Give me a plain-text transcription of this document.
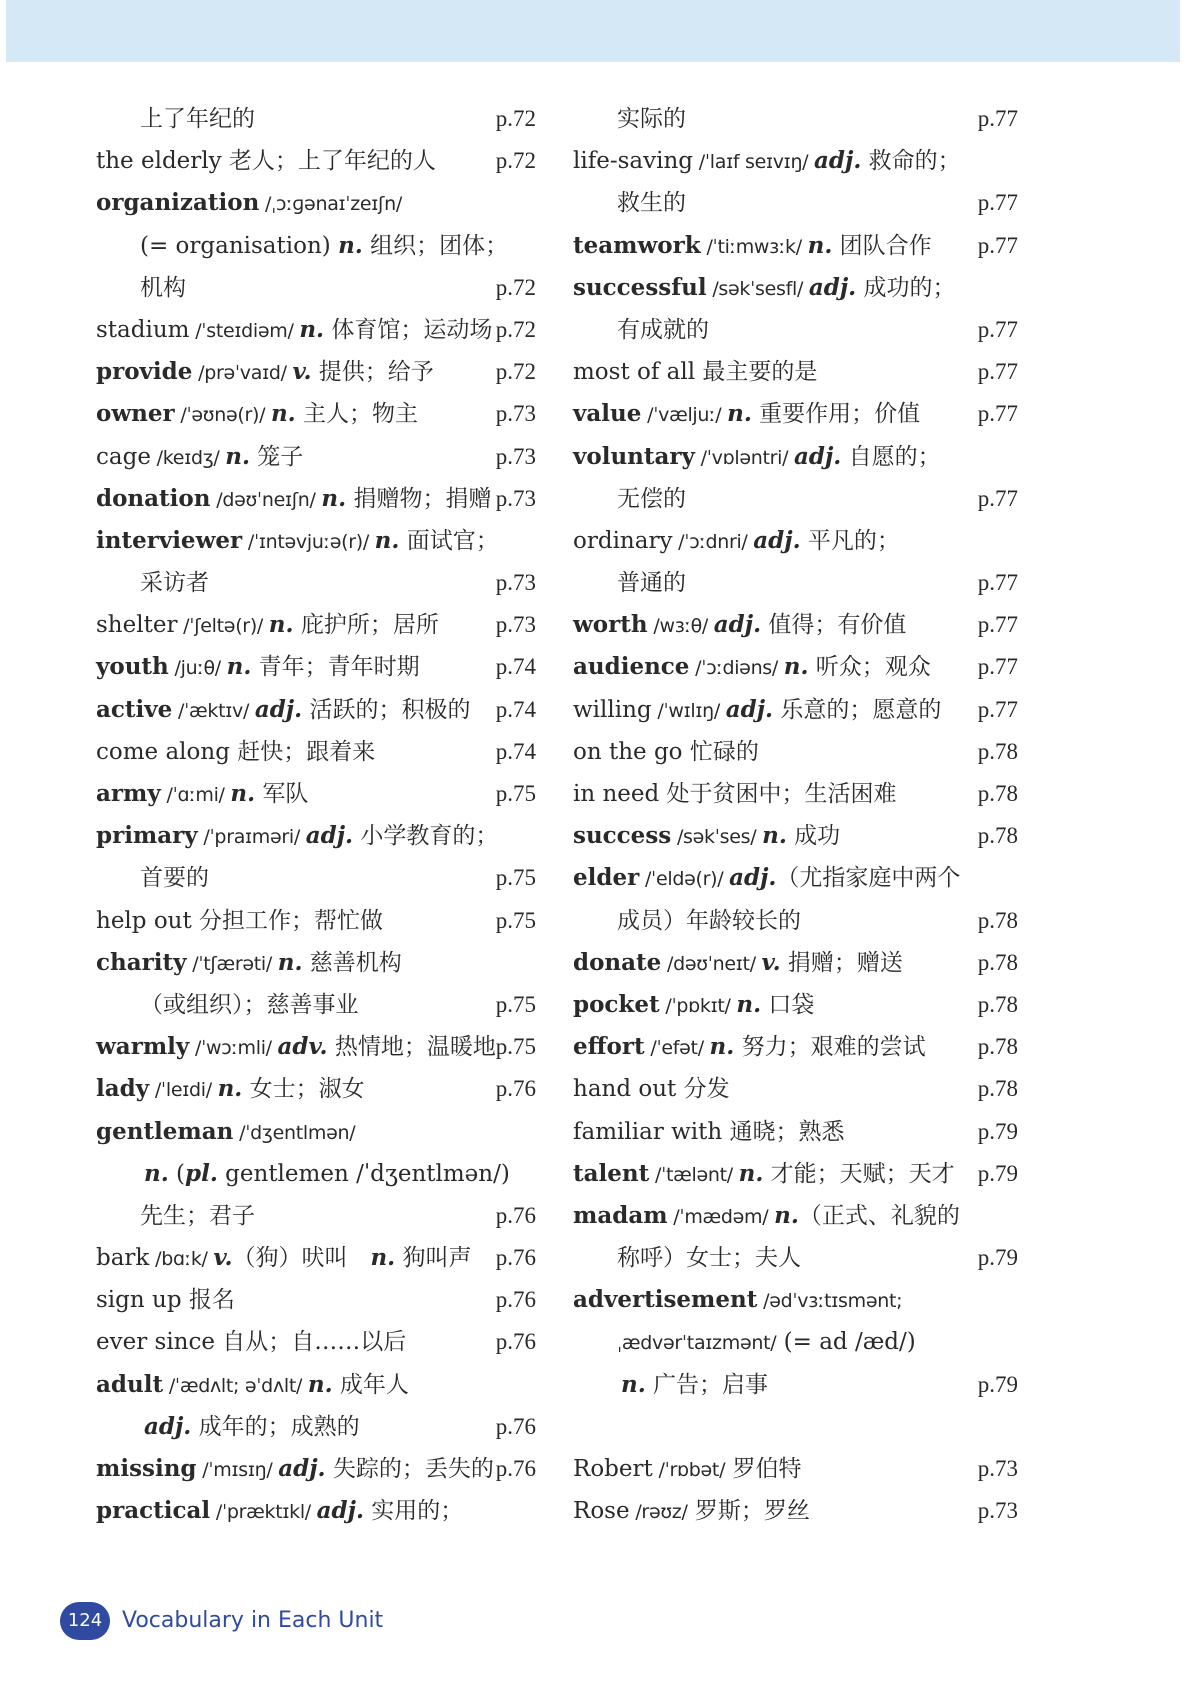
上了年纪的	p.72
the elderly 老人；上了年纪的人	p.72
organization /ˌɔːɡənaɪˈzeɪʃn/
(= organisation) n. 组织；团体；
机构	p.72
stadium /ˈsteɪdiəm/ n. 体育馆；运动场 p.72
provide /prəˈvaɪd/ v. 提供；给予	p.72
owner /ˈəʊnə(r)/ n. 主人；物主	p.73
cage /keɪdʒ/ n. 笼子	p.73
donation /dəʊˈneɪʃn/ n. 捐赠物；捐赠 p.73
interviewer /ˈɪntəvjuːə(r)/ n. 面试官；
采访者	p.73
shelter /ˈʃeltə(r)/ n. 庇护所；居所 p.73
youth /juːθ/ n. 青年；青年时期	p.74
active /ˈæktɪv/ adj. 活跃的；积极的 p.74
come along 赶快；跟着来	p.74
army /ˈɑːmi/ n. 军队	p.75
primary /ˈpraɪməri/ adj. 小学教育的；
首要的	p.75
help out 分担工作；帮忙做	p.75
charity /ˈtʃærəti/ n. 慈善机构
（或组织）；慈善事业	p.75
warmly /ˈwɔːmli/ adv. 热情地；温暖地 p.75
lady /ˈleɪdi/ n. 女士；淑女	p.76
gentleman /ˈdʒentlmən/
n. (pl. gentlemen /ˈdʒentlmən/)
先生；君子	p.76
bark /bɑːk/ v.（狗）吠叫　n. 狗叫声 p.76
sign up 报名	p.76
ever since 自从；自……以后	p.76
adult /ˈædʌlt; əˈdʌlt/ n. 成年人
adj. 成年的；成熟的	p.76
missing /ˈmɪsɪŋ/ adj. 失踪的；丢失的 p.76
practical /ˈpræktɪkl/ adj. 实用的；
实际的	p.77
life-saving /ˈlaɪf seɪvɪŋ/ adj. 救命的；
救生的	p.77
teamwork /ˈtiːmwɜːk/ n. 团队合作 p.77
successful /səkˈsesfl/ adj. 成功的；
有成就的	p.77
most of all 最主要的是	p.77
value /ˈvæljuː/ n. 重要作用；价值	p.77
voluntary /ˈvɒləntri/ adj. 自愿的；
无偿的	p.77
ordinary /ˈɔːdnri/ adj. 平凡的；
普通的	p.77
worth /wɜːθ/ adj. 值得；有价值	p.77
audience /ˈɔːdiəns/ n. 听众；观众 p.77
willing /ˈwɪlɪŋ/ adj. 乐意的；愿意的 p.77
on the go 忙碌的	p.78
in need 处于贫困中；生活困难	p.78
success /səkˈses/ n. 成功	p.78
elder /ˈeldə(r)/ adj.（尤指家庭中两个
成员）年龄较长的	p.78
donate /dəʊˈneɪt/ v. 捐赠；赠送	p.78
pocket /ˈpɒkɪt/ n. 口袋	p.78
effort /ˈefət/ n. 努力；艰难的尝试 p.78
hand out 分发	p.78
familiar with 通晓；熟悉	p.79
talent /ˈtælənt/ n. 才能；天赋；天才 p.79
madam /ˈmædəm/ n.（正式、礼貌的
称呼）女士；夫人	p.79
advertisement /ədˈvɜːtɪsmənt;
ˌædvərˈtaɪzmənt/ (= ad /æd/)
n. 广告；启事	p.79
Robert /ˈrɒbət/ 罗伯特	p.73
Rose /rəʊz/ 罗斯；罗丝	p.73
124 Vocabulary in Each Unit
